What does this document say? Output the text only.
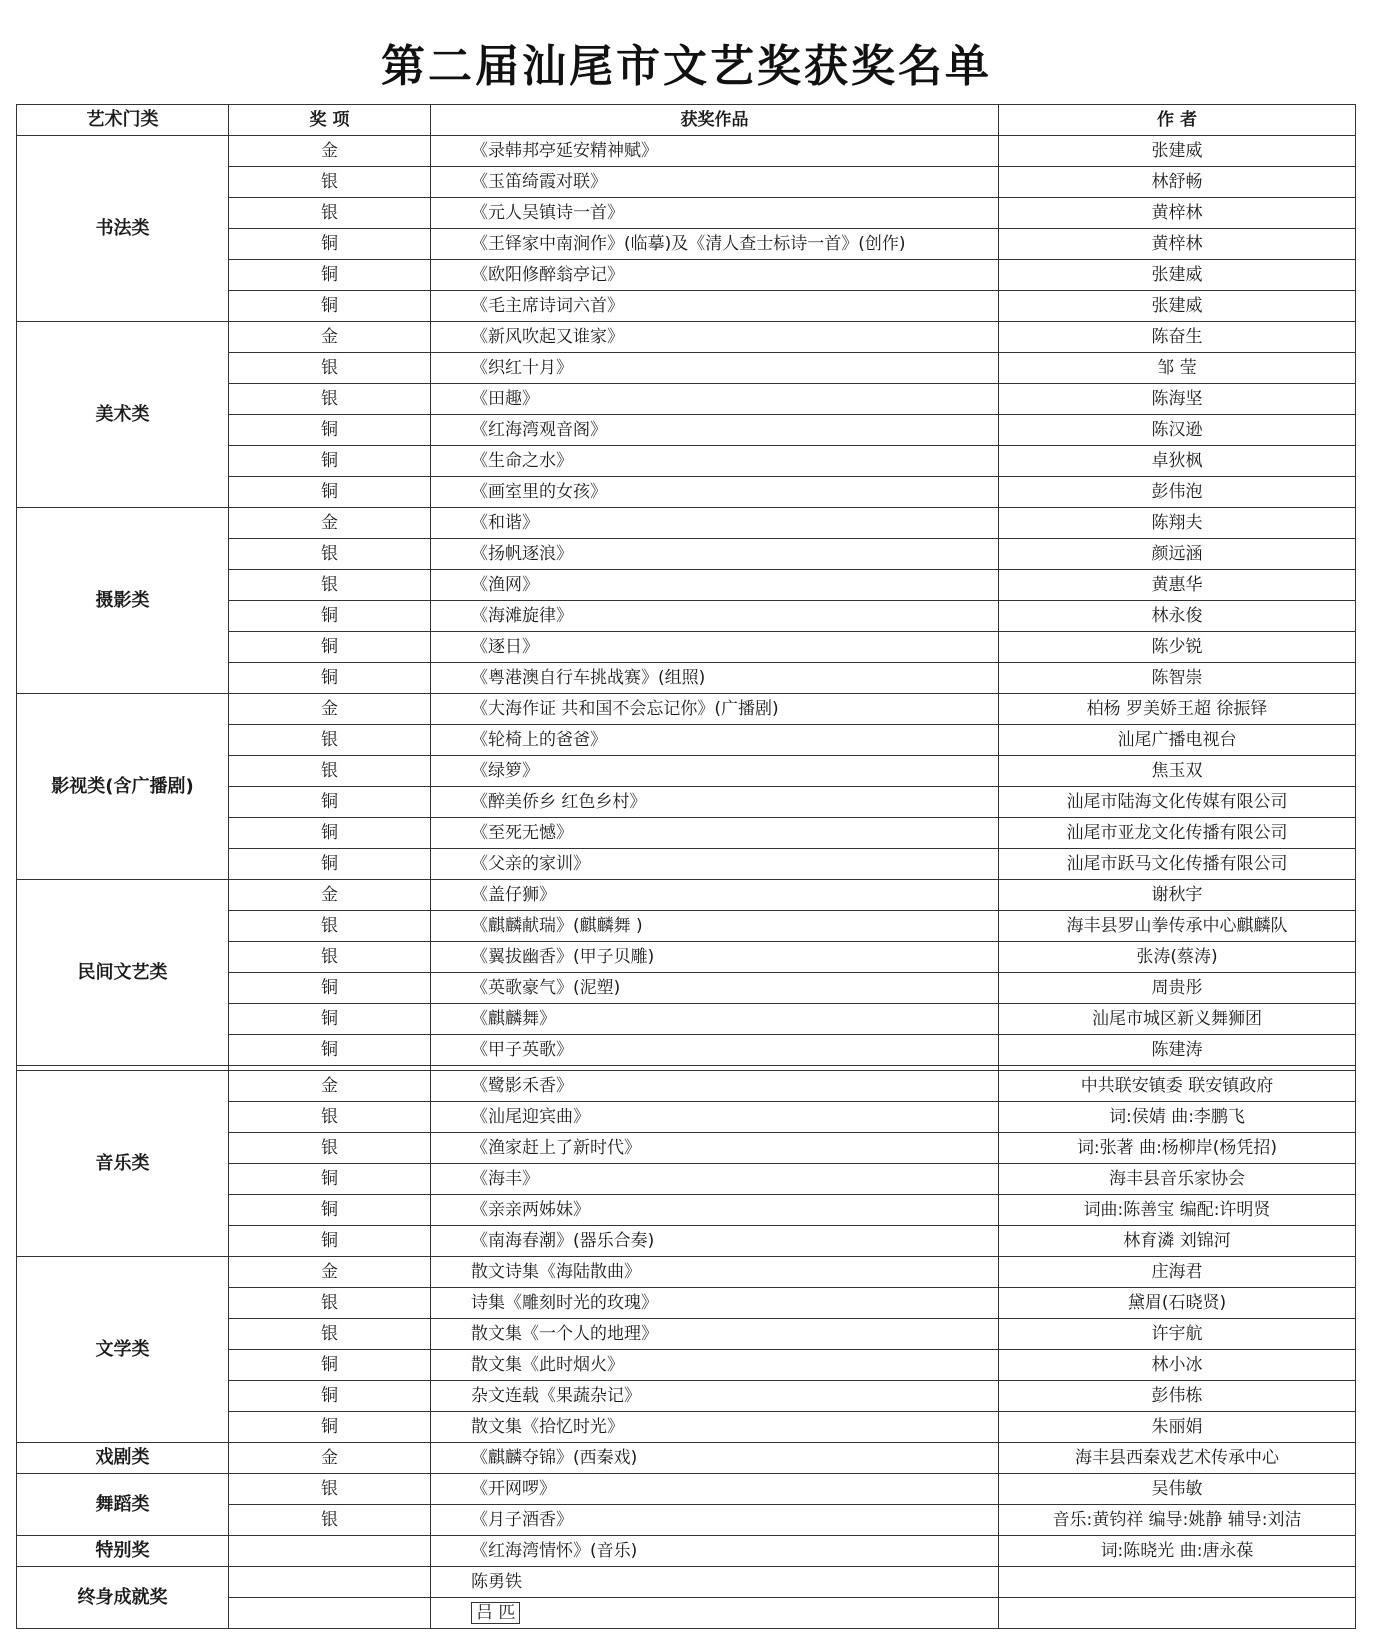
第二届汕尾市文艺奖获奖名单
艺术门类	奖 项	获奖作品	作 者
书法类	金	《录韩邦亭延安精神赋》	张建威
	银	《玉笛绮霞对联》	林舒畅
	银	《元人吴镇诗一首》	黄梓林
	铜	《王铎家中南涧作》(临摹)及《清人查士标诗一首》(创作)	黄梓林
	铜	《欧阳修醉翁亭记》	张建威
	铜	《毛主席诗词六首》	张建威
美术类	金	《新风吹起又谁家》	陈奋生
	银	《织红十月》	邹 莹
	银	《田趣》	陈海坚
	铜	《红海湾观音阁》	陈汉逊
	铜	《生命之水》	卓狄枫
	铜	《画室里的女孩》	彭伟泡
摄影类	金	《和谐》	陈翔夫
	银	《扬帆逐浪》	颜远涵
	银	《渔网》	黄惠华
	铜	《海滩旋律》	林永俊
	铜	《逐日》	陈少锐
	铜	《粤港澳自行车挑战赛》(组照)	陈智崇
影视类(含广播剧)	金	《大海作证 共和国不会忘记你》(广播剧)	柏杨 罗美娇王超 徐振铎
	银	《轮椅上的爸爸》	汕尾广播电视台
	银	《绿箩》	焦玉双
	铜	《醉美侨乡 红色乡村》	汕尾市陆海文化传媒有限公司
	铜	《至死无憾》	汕尾市亚龙文化传播有限公司
	铜	《父亲的家训》	汕尾市跃马文化传播有限公司
民间文艺类	金	《盖仔狮》	谢秋宇
	银	《麒麟献瑞》(麒麟舞 )	海丰县罗山拳传承中心麒麟队
	银	《翼拔幽香》(甲子贝雕)	张涛(蔡涛)
	铜	《英歌豪气》(泥塑)	周贵彤
	铜	《麒麟舞》	汕尾市城区新义舞狮团
	铜	《甲子英歌》	陈建涛

音乐类	金	《鹭影禾香》	中共联安镇委 联安镇政府
	银	《汕尾迎宾曲》	词:侯婧 曲:李鹏飞
	银	《渔家赶上了新时代》	词:张著 曲:杨柳岸(杨凭招)
	铜	《海丰》	海丰县音乐家协会
	铜	《亲亲两姊妹》	词曲:陈善宝 编配:许明贤
	铜	《南海春潮》(器乐合奏)	林育潾 刘锦河
文学类	金	散文诗集《海陆散曲》	庄海君
	银	诗集《雕刻时光的玫瑰》	黛眉(石晓贤)
	银	散文集《一个人的地理》	许宇航
	铜	散文集《此时烟火》	林小冰
	铜	杂文连载《果蔬杂记》	彭伟栋
	铜	散文集《拾忆时光》	朱丽娟
戏剧类	金	《麒麟夺锦》(西秦戏)	海丰县西秦戏艺术传承中心
舞蹈类	银	《开网啰》	吴伟敏
	银	《月子酒香》	音乐:黄钧祥 编导:姚静 辅导:刘洁
特别奖		《红海湾情怀》(音乐)	词:陈晓光 曲:唐永葆
终身成就奖		陈勇铁	
		吕 匹	
